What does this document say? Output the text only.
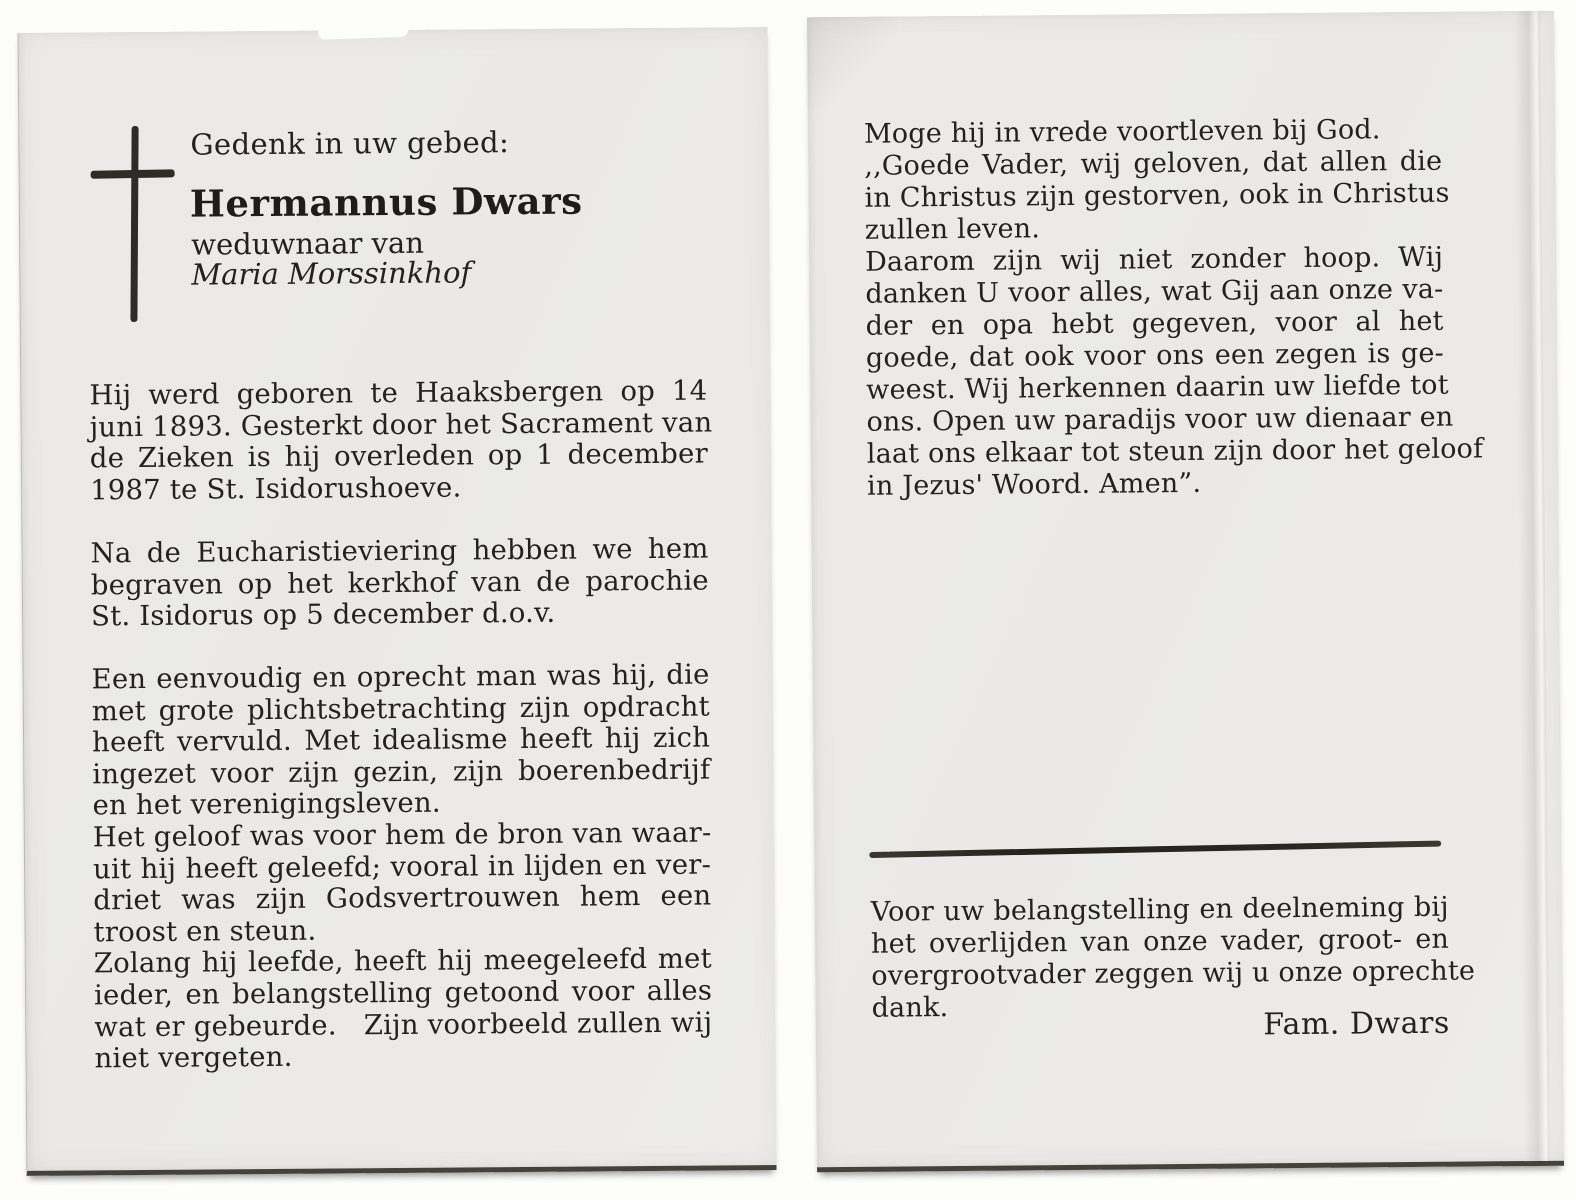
Gedenk in uw gebed:
Hermannus Dwars
weduwnaar van
Maria Morssinkhof
Hij werd geboren te Haaksbergen op 14
juni 1893. Gesterkt door het Sacrament van
de Zieken is hij overleden op 1 december
1987 te St. Isidorushoeve.
Na de Eucharistieviering hebben we hem
begraven op het kerkhof van de parochie
St. Isidorus op 5 december d.o.v.
Een eenvoudig en oprecht man was hij, die
met grote plichtsbetrachting zijn opdracht
heeft vervuld. Met idealisme heeft hij zich
ingezet voor zijn gezin, zijn boerenbedrijf
en het verenigingsleven.
Het geloof was voor hem de bron van waar-
uit hij heeft geleefd; vooral in lijden en ver-
driet was zijn Godsvertrouwen hem een
troost en steun.
Zolang hij leefde, heeft hij meegeleefd met
ieder, en belangstelling getoond voor alles
wat er gebeurde.   Zijn voorbeeld zullen wij
niet vergeten.
Moge hij in vrede voortleven bij God.
,,Goede Vader, wij geloven, dat allen die
in Christus zijn gestorven, ook in Christus
zullen leven.
Daarom zijn wij niet zonder hoop. Wij
danken U voor alles, wat Gij aan onze va-
der en opa hebt gegeven, voor al het
goede, dat ook voor ons een zegen is ge-
weest. Wij herkennen daarin uw liefde tot
ons. Open uw paradijs voor uw dienaar en
laat ons elkaar tot steun zijn door het geloof
in Jezus' Woord. Amen”.
Voor uw belangstelling en deelneming bij
het overlijden van onze vader, groot- en
overgrootvader zeggen wij u onze oprechte
dank.	Fam. Dwars
